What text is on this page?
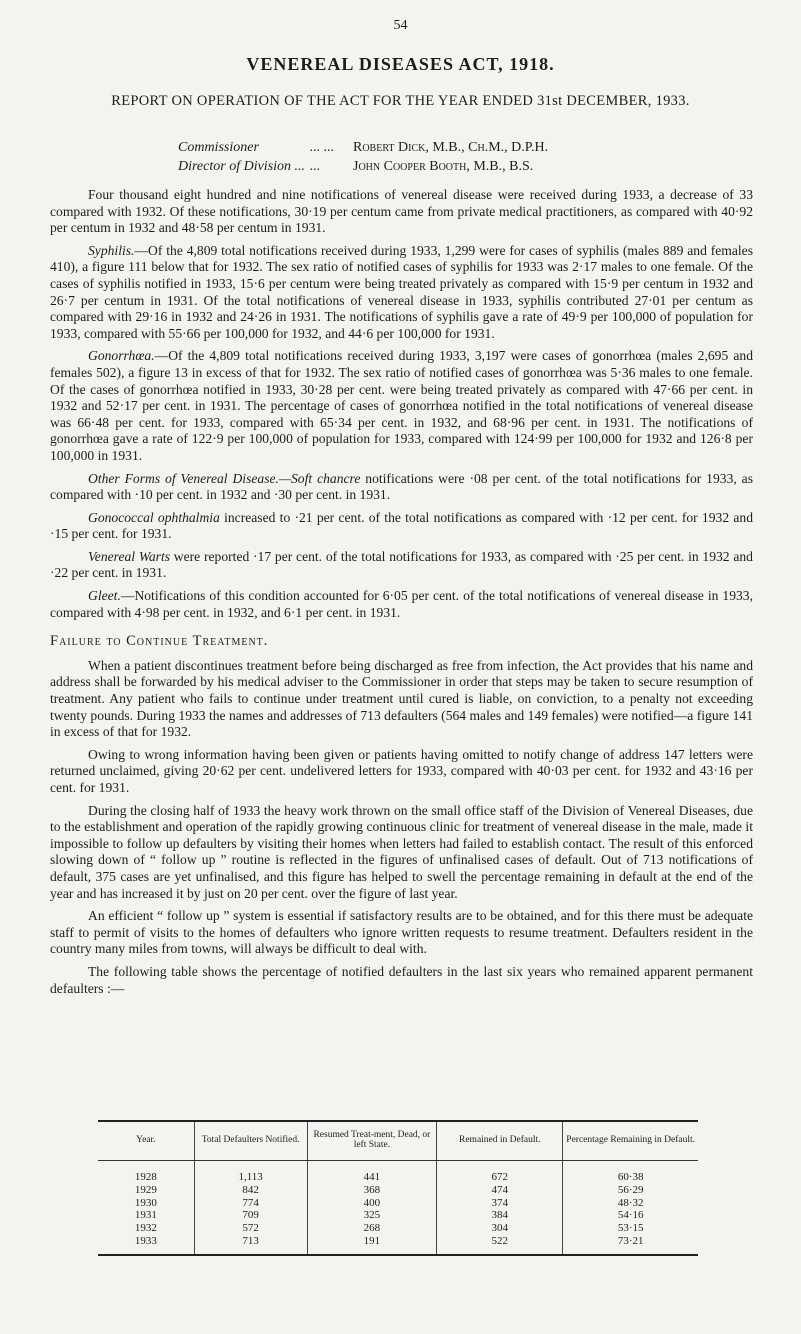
54
VENEREAL DISEASES ACT, 1918.
REPORT ON OPERATION OF THE ACT FOR THE YEAR ENDED 31st DECEMBER, 1933.
Commissioner	... ... Robert Dick, M.B., Ch.M., D.P.H.
Director of Division ... ... John Cooper Booth, M.B., B.S.

Four thousand eight hundred and nine notifications of venereal disease were received during 1933, a decrease of 33 compared with 1932. Of these notifications, 30·19 per centum came from private medical practitioners, as compared with 40·92 per centum in 1932 and 48·58 per centum in 1931.

Syphilis.—Of the 4,809 total notifications received during 1933, 1,299 were for cases of syphilis (males 889 and females 410), a figure 111 below that for 1932. The sex ratio of notified cases of syphilis for 1933 was 2·17 males to one female. Of the cases of syphilis notified in 1933, 15·6 per centum were being treated privately as compared with 15·9 per centum in 1932 and 26·7 per centum in 1931. Of the total notifications of venereal disease in 1933, syphilis contributed 27·01 per centum as compared with 29·16 in 1932 and 24·26 in 1931. The notifications of syphilis gave a rate of 49·9 per 100,000 of population for 1933, compared with 55·66 per 100,000 for 1932, and 44·6 per 100,000 for 1931.

Gonorrhœa.—Of the 4,809 total notifications received during 1933, 3,197 were cases of gonorrhœa (males 2,695 and females 502), a figure 13 in excess of that for 1932. The sex ratio of notified cases of gonorrhœa was 5·36 males to one female. Of the cases of gonorrhœa notified in 1933, 30·28 per cent. were being treated privately as compared with 47·66 per cent. in 1932 and 52·17 per cent. in 1931. The percentage of cases of gonorrhœa notified in the total notifications of venereal disease was 66·48 per cent. for 1933, compared with 65·34 per cent. in 1932, and 68·96 per cent. in 1931. The notifications of gonorrhœa gave a rate of 122·9 per 100,000 of population for 1933, compared with 124·99 per 100,000 for 1932 and 126·8 per 100,000 in 1931.

Other Forms of Venereal Disease.—Soft chancre notifications were ·08 per cent. of the total notifications for 1933, as compared with ·10 per cent. in 1932 and ·30 per cent. in 1931.

Gonococcal ophthalmia increased to ·21 per cent. of the total notifications as compared with ·12 per cent. for 1932 and ·15 per cent. for 1931.

Venereal Warts were reported ·17 per cent. of the total notifications for 1933, as compared with ·25 per cent. in 1932 and ·22 per cent. in 1931.

Gleet.—Notifications of this condition accounted for 6·05 per cent. of the total notifications of venereal disease in 1933, compared with 4·98 per cent. in 1932, and 6·1 per cent. in 1931.

Failure to Continue Treatment.

When a patient discontinues treatment before being discharged as free from infection, the Act provides that his name and address shall be forwarded by his medical adviser to the Commissioner in order that steps may be taken to secure resumption of treatment. Any patient who fails to continue under treatment until cured is liable, on conviction, to a penalty not exceeding twenty pounds. During 1933 the names and addresses of 713 defaulters (564 males and 149 females) were notified—a figure 141 in excess of that for 1932.

Owing to wrong information having been given or patients having omitted to notify change of address 147 letters were returned unclaimed, giving 20·62 per cent. undelivered letters for 1933, compared with 40·03 per cent. for 1932 and 43·16 per cent. for 1931.

During the closing half of 1933 the heavy work thrown on the small office staff of the Division of Venereal Diseases, due to the establishment and operation of the rapidly growing continuous clinic for treatment of venereal disease in the male, made it impossible to follow up defaulters by visiting their homes when letters had failed to establish contact. The result of this enforced slowing down of “ follow up ” routine is reflected in the figures of unfinalised cases of default. Out of 713 notifications of default, 375 cases are yet unfinalised, and this figure has helped to swell the percentage remaining in default at the end of the year and has increased it by just on 20 per cent. over the figure of last year.

An efficient “ follow up ” system is essential if satisfactory results are to be obtained, and for this there must be adequate staff to permit of visits to the homes of defaulters who ignore written requests to resume treatment. Defaulters resident in the country many miles from towns, will always be difficult to deal with.

The following table shows the percentage of notified defaulters in the last six years who remained apparent permanent defaulters :—

Year.	Total Defaulters Notified.	Resumed Treat-ment, Dead, or left State.	Remained in Default.	Percentage Remaining in Default.
1928	1,113	441	672	60·38
1929	842	368	474	56·29
1930	774	400	374	48·32
1931	709	325	384	54·16
1932	572	268	304	53·15
1933	713	191	522	73·21
